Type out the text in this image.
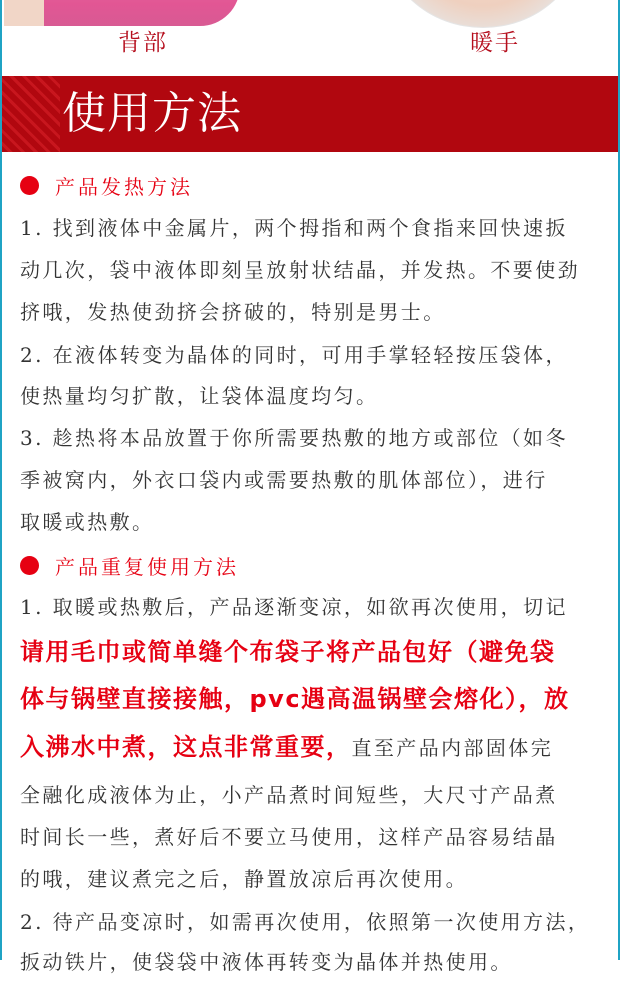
背部	暖手
使用方法
产品发热方法
1. 找到液体中金属片，两个拇指和两个食指来回快速扳
动几次，袋中液体即刻呈放射状结晶，并发热。不要使劲
挤哦，发热使劲挤会挤破的，特别是男士。
2. 在液体转变为晶体的同时，可用手掌轻轻按压袋体，
使热量均匀扩散，让袋体温度均匀。
3. 趁热将本品放置于你所需要热敷的地方或部位（如冬
季被窝内，外衣口袋内或需要热敷的肌体部位），进行
取暖或热敷。
产品重复使用方法
1. 取暖或热敷后，产品逐渐变凉，如欲再次使用，切记
请用毛巾或简单缝个布袋子将产品包好（避免袋
体与锅壁直接接触，pvc遇高温锅壁会熔化），放
入沸水中煮，这点非常重要，直至产品内部固体完
全融化成液体为止，小产品煮时间短些，大尺寸产品煮
时间长一些，煮好后不要立马使用，这样产品容易结晶
的哦，建议煮完之后，静置放凉后再次使用。
2. 待产品变凉时，如需再次使用，依照第一次使用方法，
扳动铁片，使袋袋中液体再转变为晶体并热使用。
